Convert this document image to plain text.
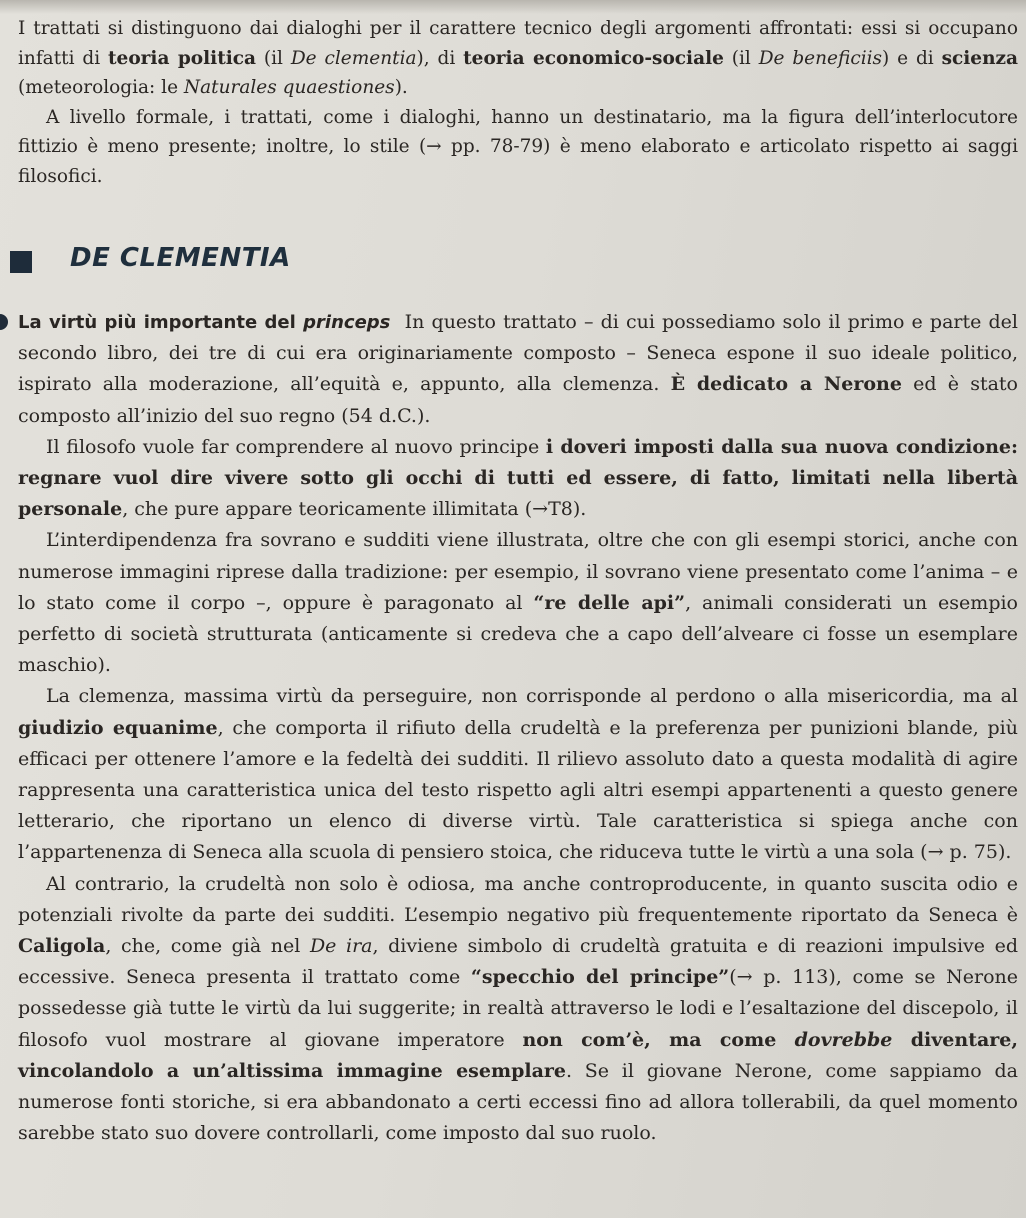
I trattati si distinguono dai dialoghi per il carattere tecnico degli argomenti affrontati: essi si occupano infatti di teoria politica (il De clementia), di teoria economico-sociale (il De beneficiis) e di scienza (meteorologia: le Naturales quaestiones).

A livello formale, i trattati, come i dialoghi, hanno un destinatario, ma la figura dell’interlocutore fittizio è meno presente; inoltre, lo stile (→ pp. 78-79) è meno elaborato e articolato rispetto ai saggi filosofici.

DE CLEMENTIA

La virtù più importante del princeps In questo trattato – di cui possediamo solo il primo e parte del secondo libro, dei tre di cui era originariamente composto – Seneca espone il suo ideale politico, ispirato alla moderazione, all’equità e, appunto, alla clemenza. È dedicato a Nerone ed è stato composto all’inizio del suo regno (54 d.C.).

Il filosofo vuole far comprendere al nuovo principe i doveri imposti dalla sua nuova condizione: regnare vuol dire vivere sotto gli occhi di tutti ed essere, di fatto, limitati nella libertà personale, che pure appare teoricamente illimitata (→T8).

L’interdipendenza fra sovrano e sudditi viene illustrata, oltre che con gli esempi storici, anche con numerose immagini riprese dalla tradizione: per esempio, il sovrano viene presentato come l’anima – e lo stato come il corpo –, oppure è paragonato al “re delle api”, animali considerati un esempio perfetto di società strutturata (anticamente si credeva che a capo dell’alveare ci fosse un esemplare maschio).

La clemenza, massima virtù da perseguire, non corrisponde al perdono o alla misericordia, ma al giudizio equanime, che comporta il rifiuto della crudeltà e la preferenza per punizioni blande, più efficaci per ottenere l’amore e la fedeltà dei sudditi. Il rilievo assoluto dato a questa modalità di agire rappresenta una caratteristica unica del testo rispetto agli altri esempi appartenenti a questo genere letterario, che riportano un elenco di diverse virtù. Tale caratteristica si spiega anche con l’appartenenza di Seneca alla scuola di pensiero stoica, che riduceva tutte le virtù a una sola (→ p. 75).

Al contrario, la crudeltà non solo è odiosa, ma anche controproducente, in quanto suscita odio e potenziali rivolte da parte dei sudditi. L’esempio negativo più frequentemente riportato da Seneca è Caligola, che, come già nel De ira, diviene simbolo di crudeltà gratuita e di reazioni impulsive ed eccessive. Seneca presenta il trattato come “specchio del principe”(→ p. 113), come se Nerone possedesse già tutte le virtù da lui suggerite; in realtà attraverso le lodi e l’esaltazione del discepolo, il filosofo vuol mostrare al giovane imperatore non com’è, ma come dovrebbe diventare, vincolandolo a un’altissima immagine esemplare. Se il giovane Nerone, come sappiamo da numerose fonti storiche, si era abbandonato a certi eccessi fino ad allora tollerabili, da quel momento sarebbe stato suo dovere controllarli, come imposto dal suo ruolo.
